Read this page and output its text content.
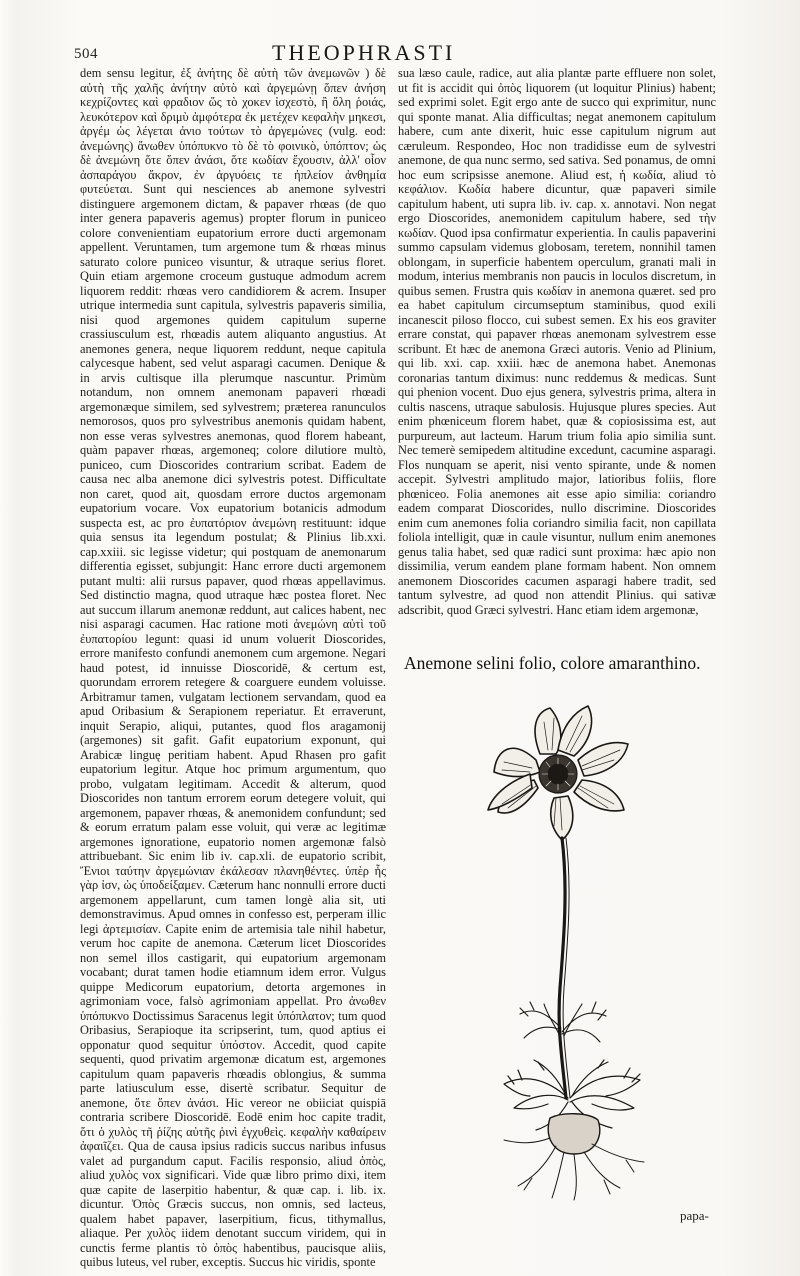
504	THEOPHRASTI

dem sensu legitur, ἐξ ἀνήτης δὲ αὐτὴ τῶν ἀνεμωνῶν ) δὲ αὐτὴ τῆς χαλῆς ἀνήτην αὐτὸ καὶ ἀργεμώνῃ ὅπεν ἀνήση κεχρίζοντες καὶ φραδιον ὥς τὸ χοκεν ἰσχεστὸ, ἢ ὅλη ῥοιάς, λευκότερον καὶ δριμὺ ἀμφότερα ἐκ μετέχεν κεφαλὴν μηκεσι, ἀργέμ ὡς λέγεται ἀνιο τούτων τὸ ἀργεμώνες (vulg. eod: ἀνεμώνης) ἄνωθεν ὑπόπυκνο τὸ δὲ τὸ φοινικὸ, ὑπόπτον; ὡς δὲ ἀνεμώνη ὅτε ὅπεν ἀνάσι, ὅτε κωδίαν ἔχουσιν, ἀλλ' οἷον ἀσπαράγου ἄκρον, ἐν ἀργυόεις τε ἠπλείον ἀνθημία φυτεύεται. Sunt qui nesciences ab anemone sylvestri distinguere argemonem dictam, & papaver rhœas (de quo inter genera papaveris agemus) propter florum in puniceo colore convenientiam eupatorium errore ducti argemonam appellent. Veruntamen, tum argemone tum & rhœas minus saturato colore puniceo visuntur, & utraque serius floret. Quin etiam argemone croceum gustuque admodum acrem liquorem reddit: rhœas vero candidiorem & acrem. Insuper utrique intermedia sunt capitula, sylvestris papaveris similia, nisi quod argemones quidem capitulum superne crassiusculum est, rhœadis autem aliquanto angustius. At anemones genera, neque liquorem reddunt, neque capitula calycesque habent, sed velut asparagi cacumen. Denique & in arvis cultisque illa plerumque nascuntur. Primùm notandum, non omnem anemonam papaveri rhœadi argemonæque similem, sed sylvestrem; præterea ranunculos nemorosos, quos pro sylvestribus anemonis quidam habent, non esse veras sylvestres anemonas, quod florem habeant, quàm papaver rhœas, argemoneq; colore dilutiore multò, puniceo, cum Dioscorides contrarium scribat. Eadem de causa nec alba anemone dici sylvestris potest. Difficultate non caret, quod ait, quosdam errore ductos argemonam eupatorium vocare. Vox eupatorium botanicis admodum suspecta est, ac pro ἐυπατόριον ἀνεμώνη restituunt: idque quia sensus ita legendum postulat; & Plinius lib.xxi. cap.xxiii. sic legisse videtur; qui postquam de anemonarum differentia egisset, subjungit: Hanc errore ducti argemonem putant multi: alii rursus papaver, quod rhœas appellavimus. Sed distinctio magna, quod utraque hæc postea floret. Nec aut succum illarum anemonæ reddunt, aut calices habent, nec nisi asparagi cacumen. Hac ratione moti ἀνεμώνη αὐτὶ τοῦ ἐυπατορίου legunt: quasi id unum voluerit Dioscorides, errore manifesto confundi anemonem cum argemone. Negari haud potest, id innuisse Dioscoridē, & certum est, quorundam errorem retegere & coarguere eundem voluisse. Arbitramur tamen, vulgatam lectionem servandam, quod ea apud Oribasium & Serapionem reperiatur. Et erraverunt, inquit Serapio, aliqui, putantes, quod flos aragamonij (argemones) sit gafit. Gafit eupatorium exponunt, qui Arabicæ linguę peritiam habent. Apud Rhasen pro gafit eupatorium legitur. Atque hoc primum argumentum, quo probo, vulgatam legitimam. Accedit & alterum, quod Dioscorides non tantum errorem eorum detegere voluit, qui argemonem, papaver rhœas, & anemonidem confundunt; sed & eorum erratum palam esse voluit, qui veræ ac legitimæ argemones ignoratione, eupatorio nomen argemonæ falsò attribuebant. Sic enim lib iv. cap.xli. de eupatorio scribit, Ἔνιοι ταύτην ἀργεμώνιαν ἐκάλεσαν πλανηθέντες. ὑπὲρ ἧς γὰρ ἰσν, ὡς ὑποδείξαμεν. Cæterum hanc nonnulli errore ducti argemonem appellarunt, cum tamen longè alia sit, uti demonstravimus. Apud omnes in confesso est, perperam illic legi ἀρτεμισίαν. Capite enim de artemisia tale nihil habetur, verum hoc capite de anemona. Cæterum licet Dioscorides non semel illos castigarit, qui eupatorium argemonam vocabant; durat tamen hodie etiamnum idem error. Vulgus quippe Medicorum eupatorium, detorta argemones in agrimoniam voce, falsò agrimoniam appellat. Pro ἀνωθεν ὑπόπυκνο Doctissimus Saracenus legit ὑπόπλατον; tum quod Oribasius, Serapioque ita scripserint, tum, quod aptius ei opponatur quod sequitur ὑπόστον. Accedit, quod capite sequenti, quod privatim argemonæ dicatum est, argemones capitulum quam papaveris rhœadis oblongius, & summa parte latiusculum esse, disertè scribatur. Sequitur de anemone, ὅτε ὅπεν ἀνάσι. Hic vereor ne obiiciat quispiā contraria scribere Dioscoridē. Eodē enim hoc capite tradit, ὅτι ὁ χυλὸς τῆ ῥίζης αὐτῆς ῥινὶ ἐγχυθεὶς. κεφαλὴν καθαίρειν ἀφαιῖζει. Qua de causa ipsius radicis succus naribus infusus valet ad purgandum caput. Facilis responsio, aliud ὀπὸς, aliud χυλὸς vox significari. Vide quæ libro primo dixi, item quæ capite de laserpitio habentur, & quæ cap. i. lib. ix. dicuntur. Ὀπὸς Græcis succus, non omnis, sed lacteus, qualem habet papaver, laserpitium, ficus, tithymallus, aliaque. Per χυλὸς iidem denotant succum viridem, qui in cunctis ferme plantis τὸ ὀπὸς habentibus, paucisque aliis, quibus luteus, vel ruber, exceptis. Succus hic viridis, sponte

sua læso caule, radice, aut alia plantæ parte effluere non solet, ut fit is accidit qui ὀπὸς liquorem (ut loquitur Plinius) habent; sed exprimi solet. Egit ergo ante de succo qui exprimitur, nunc qui sponte manat. Alia difficultas; negat anemonem capitulum habere, cum ante dixerit, huic esse capitulum nigrum aut cæruleum. Respondeo, Hoc non tradidisse eum de sylvestri anemone, de qua nunc sermo, sed sativa. Sed ponamus, de omni hoc eum scripsisse anemone. Aliud est, ἡ κωδία, aliud τὸ κεφάλιον. Κωδία habere dicuntur, quæ papaveri simile capitulum habent, uti supra lib. iv. cap. x. annotavi. Non negat ergo Dioscorides, anemonidem capitulum habere, sed τὴν κωδίαν. Quod ipsa confirmatur experientia. In caulis papaverini summo capsulam videmus globosam, teretem, nonnihil tamen oblongam, in superficie habentem operculum, granati mali in modum, interius membranis non paucis in loculos discretum, in quibus semen. Frustra quis κωδίαν in anemona quæret. sed pro ea habet capitulum circumseptum staminibus, quod exili incanescit piloso flocco, cui subest semen. Ex his eos graviter errare constat, qui papaver rhœas anemonam sylvestrem esse scribunt. Et hæc de anemona Græci autoris. Venio ad Plinium, qui lib. xxi. cap. xxiii. hæc de anemona habet. Anemonas coronarias tantum diximus: nunc reddemus & medicas. Sunt qui phenion vocent. Duo ejus genera, sylvestris prima, altera in cultis nascens, utraque sabulosis. Hujusque plures species. Aut enim phœniceum florem habet, quæ & copiosissima est, aut purpureum, aut lacteum. Harum trium folia apio similia sunt. Nec temerè semipedem altitudine excedunt, cacumine asparagi. Flos nunquam se aperit, nisi vento spirante, unde & nomen accepit. Sylvestri amplitudo major, latioribus foliis, flore phœniceo. Folia anemones ait esse apio similia: coriandro eadem comparat Dioscorides, nullo discrimine. Dioscorides enim cum anemones folia coriandro similia facit, non capillata foliola intelligit, quæ in caule visuntur, nullum enim anemones genus talia habet, sed quæ radici sunt proxima: hæc apio non dissimilia, verum eandem plane formam habent. Non omnem anemonem Dioscorides cacumen asparagi habere tradit, sed tantum sylvestre, ad quod non attendit Plinius. qui sativæ adscribit, quod Græci sylvestri. Hanc etiam idem argemonæ,

Anemone selini folio, colore amaranthino.
papa-
